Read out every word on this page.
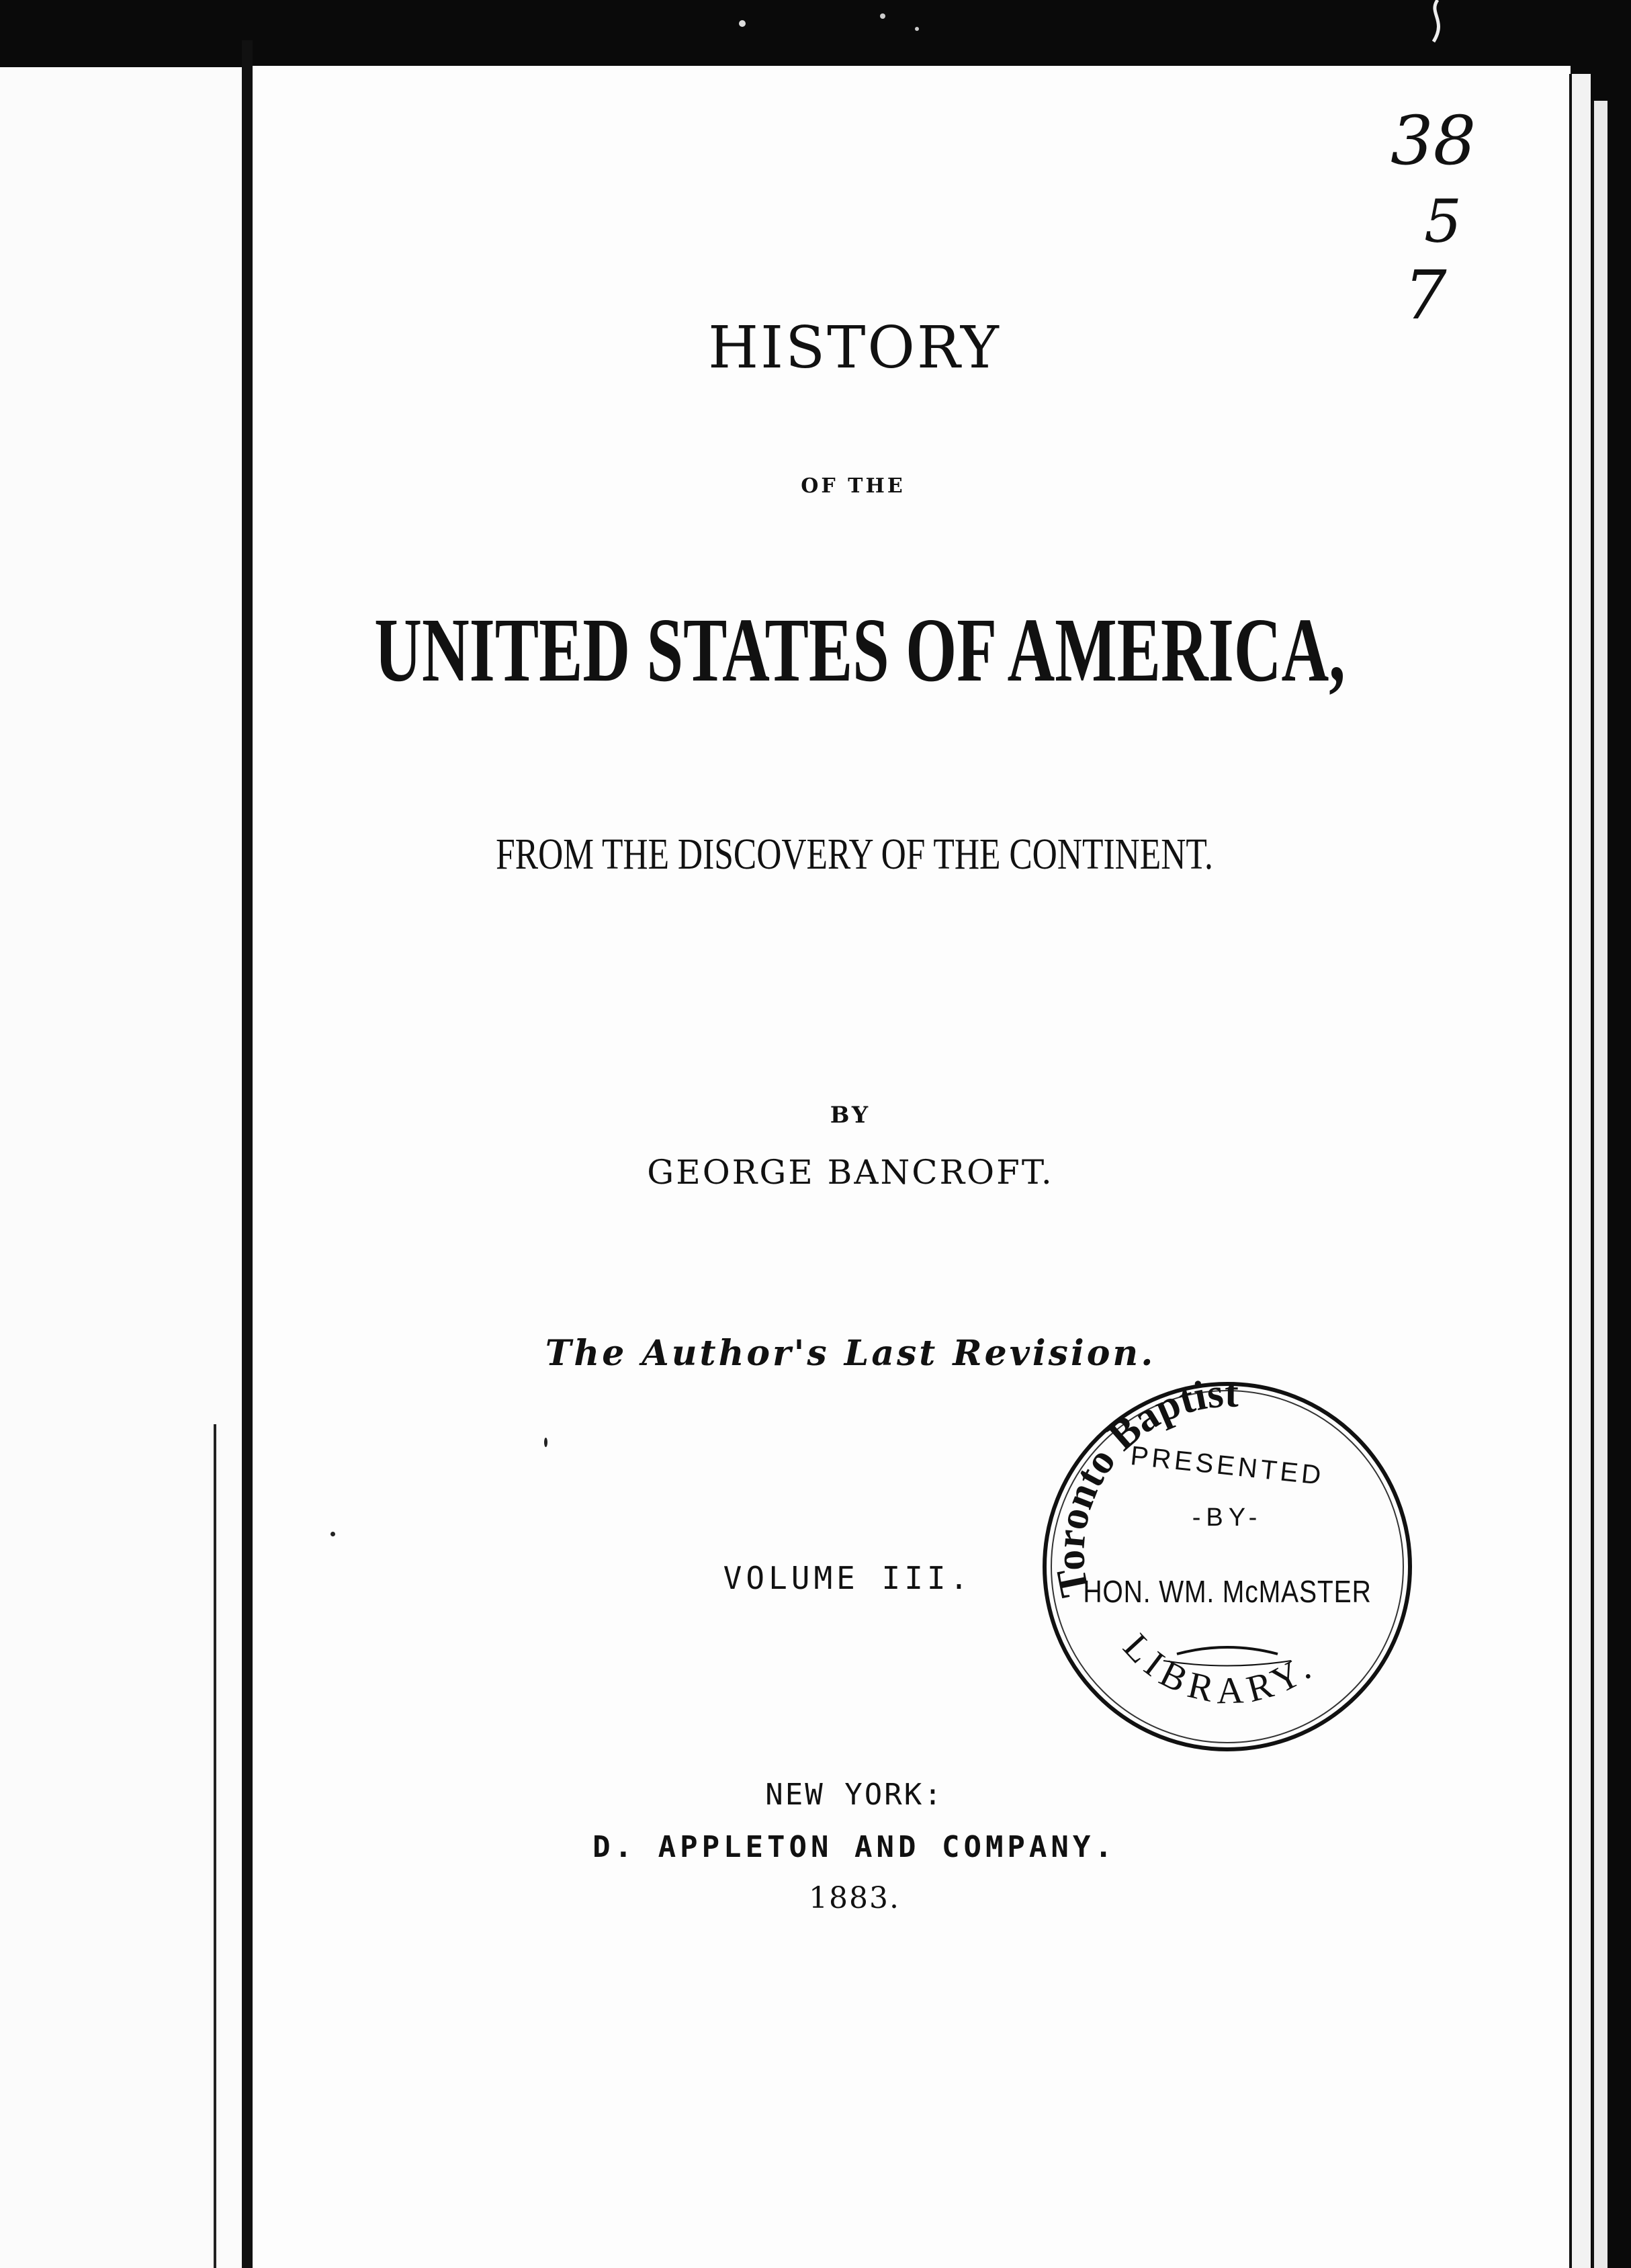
HISTORY
OF THE
UNITED STATES OF AMERICA,
FROM THE DISCOVERY OF THE CONTINENT.
BY
GEORGE BANCROFT.
The Author's Last Revision.
VOLUME III.
NEW YORK:
D. APPLETON AND COMPANY.
1883.
38
5
7
Toronto Baptist
LIBRARY.
PRESENTED
-BY-
HON. WM. McMASTER
